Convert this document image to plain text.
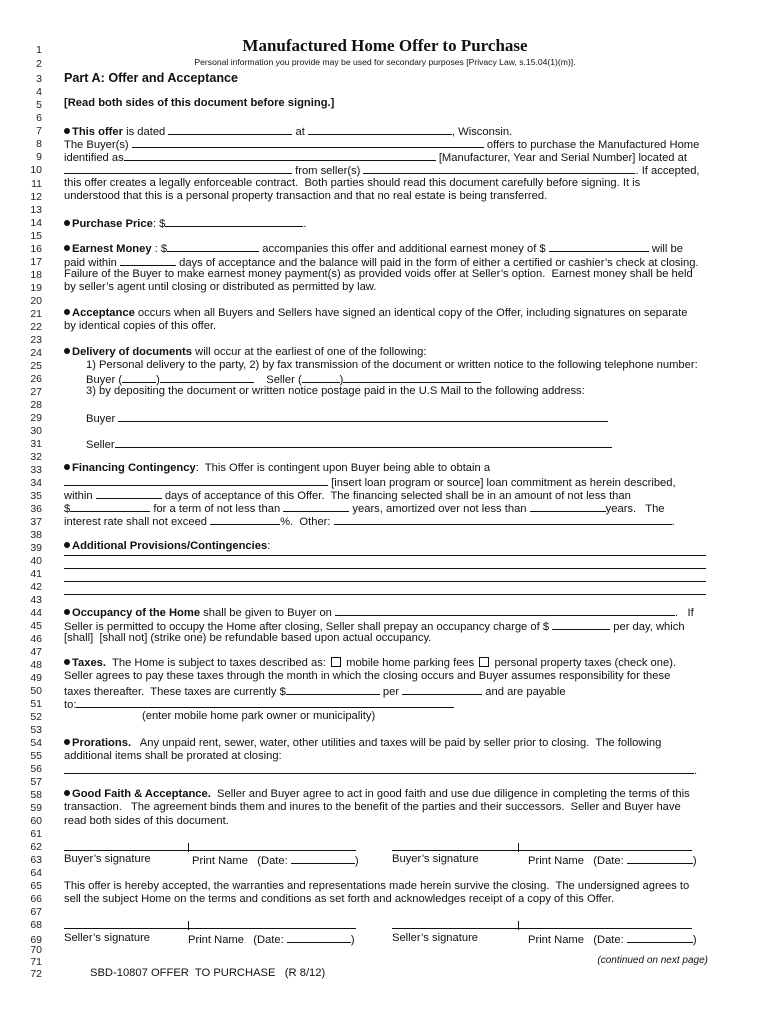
1
2
3
4
5
6
7
8
9
10
11
12
13
14
15
16
17
18
19
20
21
22
23
24
25
26
27
28
29
30
31
32
33
34
35
36
37
38
39
40
41
42
43
44
45
46
47
48
49
50
51
52
53
54
55
56
57
58
59
60
61
62
63
64
65
66
67
68
69
70
71
72
Manufactured Home Offer to Purchase
Personal information you provide may be used for secondary purposes [Privacy Law, s.15.04(1)(m)].
Part A: Offer and Acceptance
[Read both sides of this document before signing.]
This offer is dated	at	, Wisconsin.
The Buyer(s)	offers to purchase the Manufactured Home
identified as	[Manufacturer, Year and Serial Number] located at
from seller(s)	. If accepted,
this offer creates a legally enforceable contract.  Both parties should read this document carefully before signing. It is
understood that this is a personal property transaction and that no real estate is being transferred.
Purchase Price: $	.
Earnest Money : $	accompanies this offer and additional earnest money of $	will be
paid within	days of acceptance and the balance will paid in the form of either a certified or cashier’s check at closing.
Failure of the Buyer to make earnest money payment(s) as provided voids offer at Seller’s option.  Earnest money shall be held
by seller’s agent until closing or distributed as permitted by law.
Acceptance occurs when all Buyers and Sellers have signed an identical copy of the Offer, including signatures on separate
by identical copies of this offer.
Delivery of documents will occur at the earliest of one of the following:
1) Personal delivery to the party, 2) by fax transmission of the document or written notice to the following telephone number:
Buyer (	)	Seller (	)
3) by depositing the document or written notice postage paid in the U.S Mail to the following address:
Buyer
Seller
Financing Contingency:  This Offer is contingent upon Buyer being able to obtain a
[insert loan program or source] loan commitment as herein described,
within	days of acceptance of this Offer.  The financing selected shall be in an amount of not less than
$	for a term of not less than	years, amortized over not less than	years.   The
interest rate shall not exceed	%.  Other:	.
Additional Provisions/Contingencies:
Occupancy of the Home shall be given to Buyer on	.   If
Seller is permitted to occupy the Home after closing, Seller shall prepay an occupancy charge of $	per day, which
[shall]  [shall not] (strike one) be refundable based upon actual occupancy.
Taxes.  The Home is subject to taxes described as:  mobile home parking fees  personal property taxes (check one).
Seller agrees to pay these taxes through the month in which the closing occurs and Buyer assumes responsibility for these
taxes thereafter.  These taxes are currently $	per	and are payable
to:
(enter mobile home park owner or municipality)
Prorations.   Any unpaid rent, sewer, water, other utilities and taxes will be paid by seller prior to closing.  The following
additional items shall be prorated at closing:
.
Good Faith & Acceptance.  Seller and Buyer agree to act in good faith and use due diligence in completing the terms of this
transaction.   The agreement binds them and inures to the benefit of the parties and their successors.  Seller and Buyer have
read both sides of this document.
Buyer’s signature	Print Name   (Date:	)	Buyer’s signature	Print Name   (Date:	)
This offer is hereby accepted, the warranties and representations made herein survive the closing.  The undersigned agrees to
sell the subject Home on the terms and conditions as set forth and acknowledges receipt of a copy of this Offer.
Seller’s signature	Print Name   (Date:	)	Seller’s signature	Print Name   (Date:	)
(continued on next page)
SBD-10807 OFFER  TO PURCHASE   (R 8/12)
